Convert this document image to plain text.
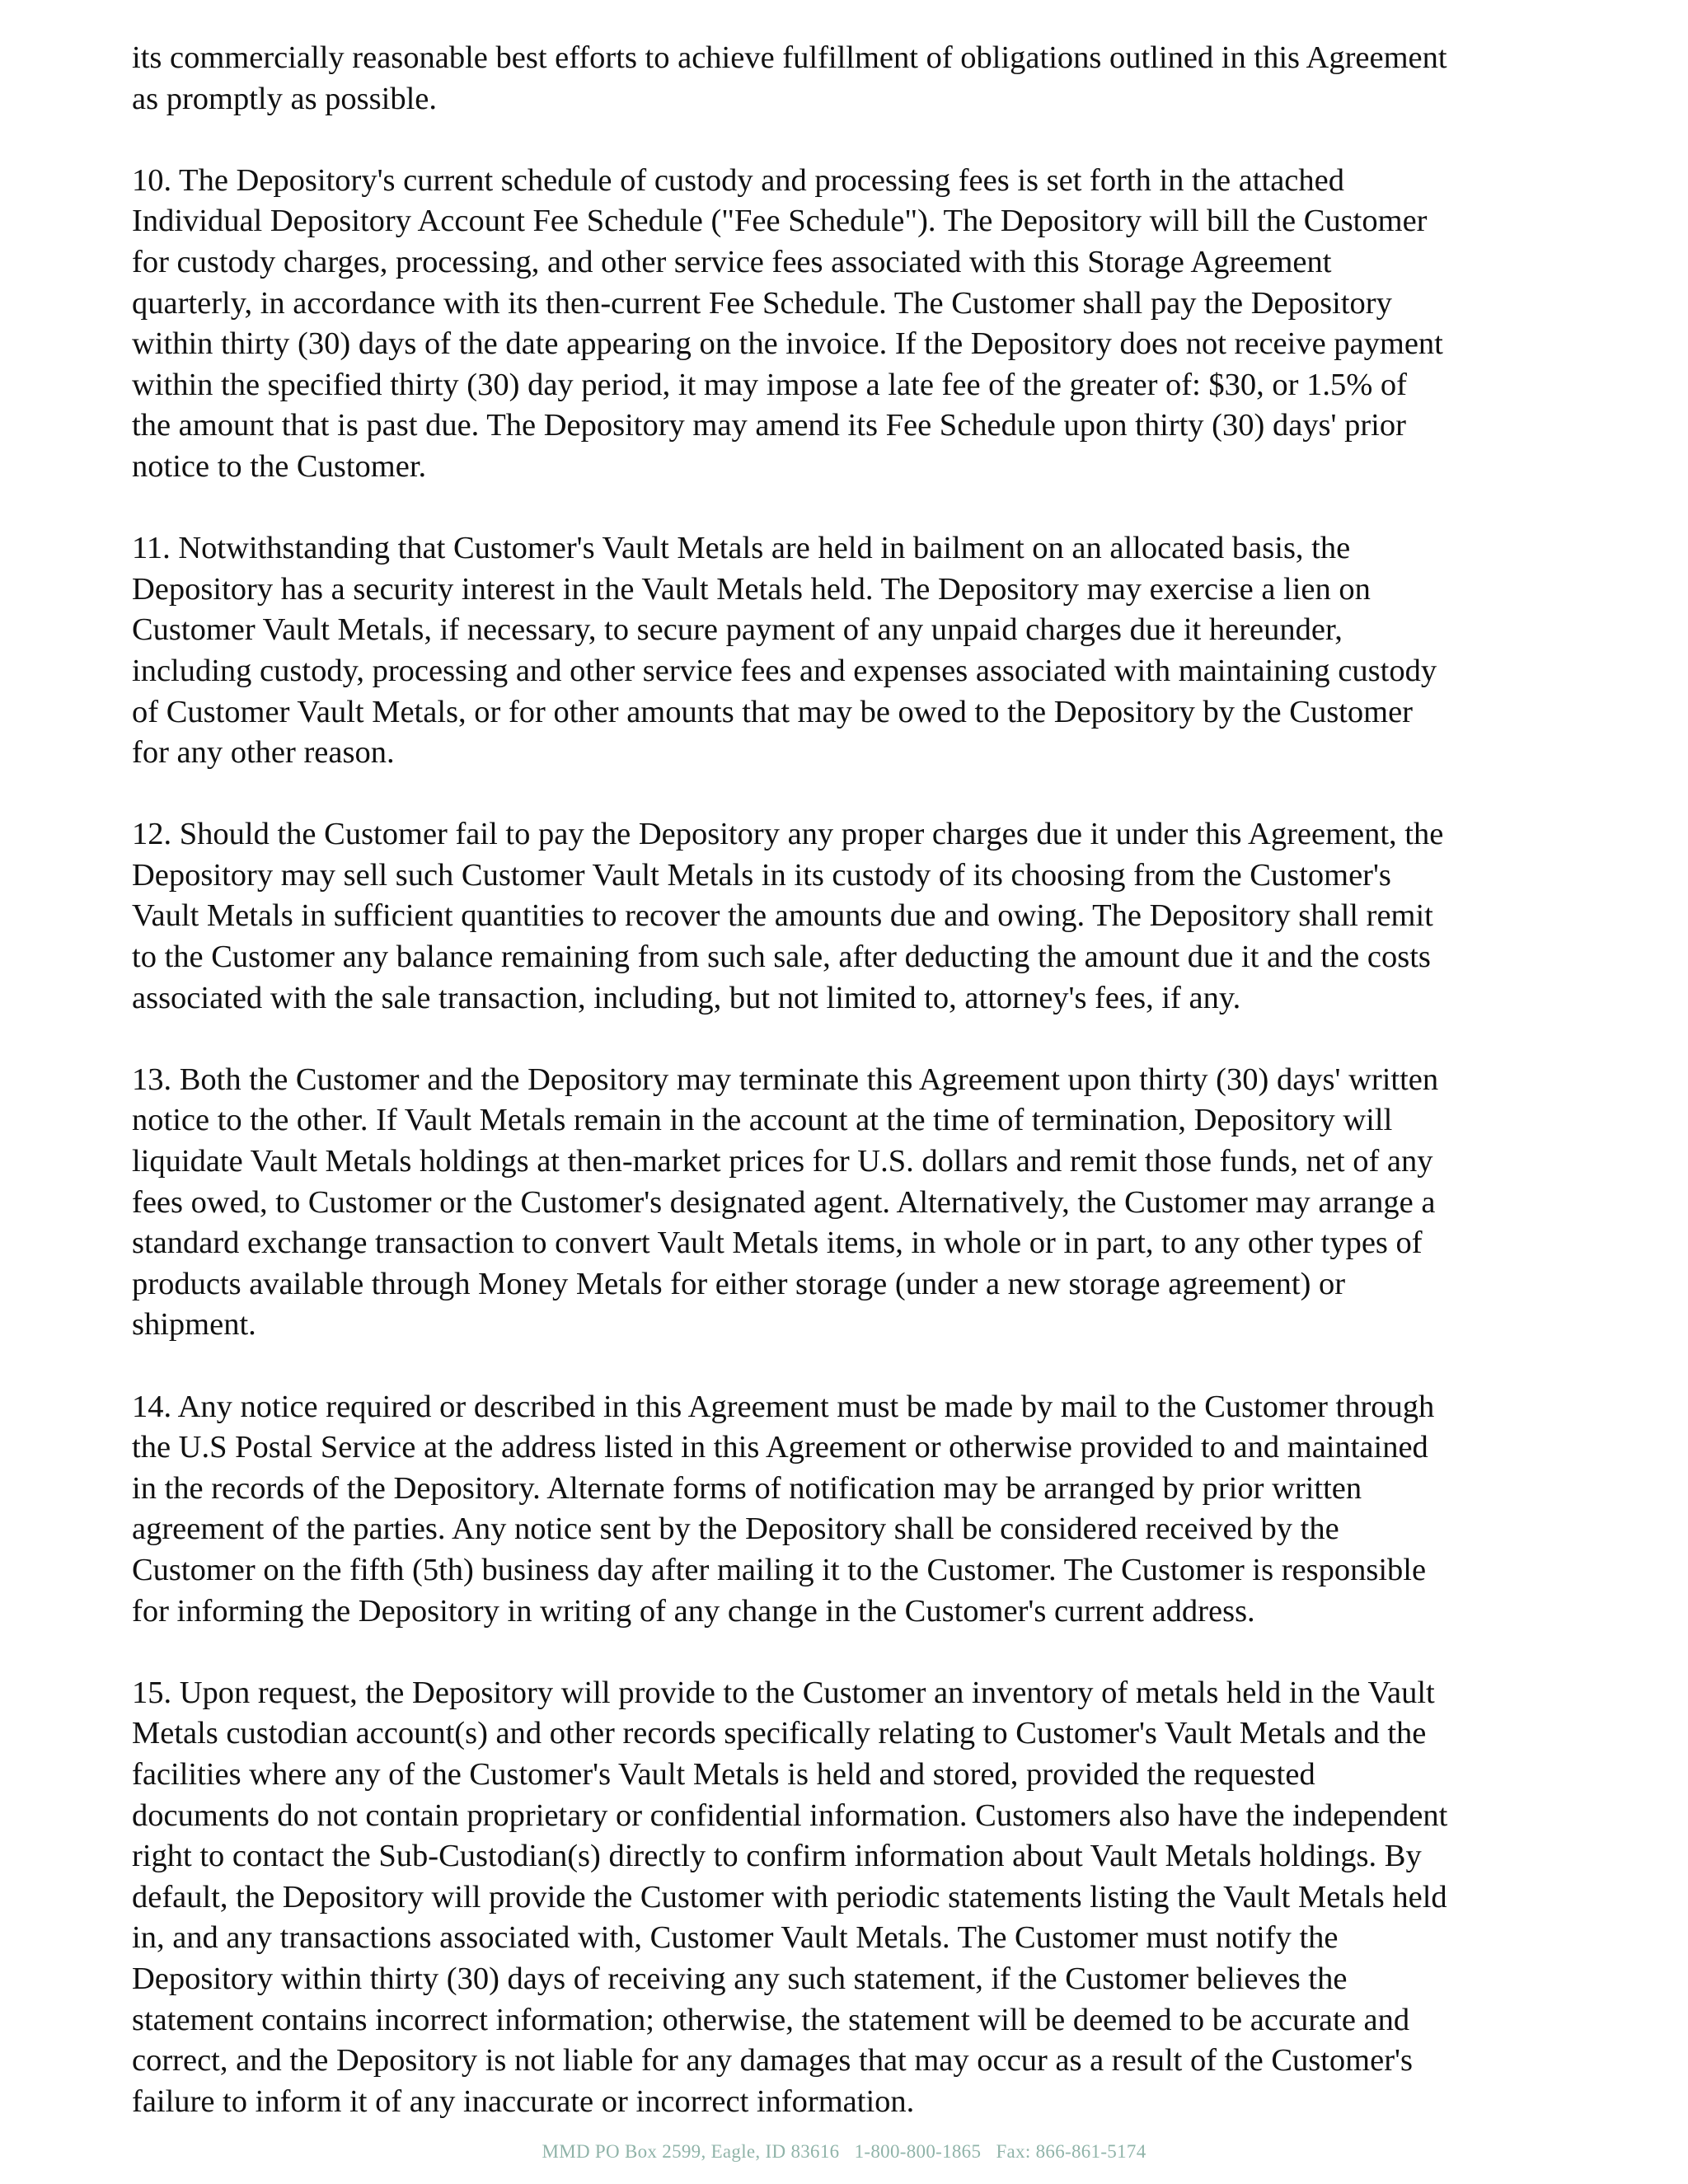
its commercially reasonable best efforts to achieve fulfillment of obligations outlined in this Agreement
as promptly as possible.

10. The Depository's current schedule of custody and processing fees is set forth in the attached
Individual Depository Account Fee Schedule ("Fee Schedule"). The Depository will bill the Customer
for custody charges, processing, and other service fees associated with this Storage Agreement
quarterly, in accordance with its then-current Fee Schedule. The Customer shall pay the Depository
within thirty (30) days of the date appearing on the invoice. If the Depository does not receive payment
within the specified thirty (30) day period, it may impose a late fee of the greater of: $30, or 1.5% of
the amount that is past due. The Depository may amend its Fee Schedule upon thirty (30) days' prior
notice to the Customer.

11. Notwithstanding that Customer's Vault Metals are held in bailment on an allocated basis, the
Depository has a security interest in the Vault Metals held. The Depository may exercise a lien on
Customer Vault Metals, if necessary, to secure payment of any unpaid charges due it hereunder,
including custody, processing and other service fees and expenses associated with maintaining custody
of Customer Vault Metals, or for other amounts that may be owed to the Depository by the Customer
for any other reason.

12. Should the Customer fail to pay the Depository any proper charges due it under this Agreement, the
Depository may sell such Customer Vault Metals in its custody of its choosing from the Customer's
Vault Metals in sufficient quantities to recover the amounts due and owing. The Depository shall remit
to the Customer any balance remaining from such sale, after deducting the amount due it and the costs
associated with the sale transaction, including, but not limited to, attorney's fees, if any.

13. Both the Customer and the Depository may terminate this Agreement upon thirty (30) days' written
notice to the other. If Vault Metals remain in the account at the time of termination, Depository will
liquidate Vault Metals holdings at then-market prices for U.S. dollars and remit those funds, net of any
fees owed, to Customer or the Customer's designated agent. Alternatively, the Customer may arrange a
standard exchange transaction to convert Vault Metals items, in whole or in part, to any other types of
products available through Money Metals for either storage (under a new storage agreement) or
shipment.

14. Any notice required or described in this Agreement must be made by mail to the Customer through
the U.S Postal Service at the address listed in this Agreement or otherwise provided to and maintained
in the records of the Depository. Alternate forms of notification may be arranged by prior written
agreement of the parties. Any notice sent by the Depository shall be considered received by the
Customer on the fifth (5th) business day after mailing it to the Customer. The Customer is responsible
for informing the Depository in writing of any change in the Customer's current address.

15. Upon request, the Depository will provide to the Customer an inventory of metals held in the Vault
Metals custodian account(s) and other records specifically relating to Customer's Vault Metals and the
facilities where any of the Customer's Vault Metals is held and stored, provided the requested
documents do not contain proprietary or confidential information. Customers also have the independent
right to contact the Sub-Custodian(s) directly to confirm information about Vault Metals holdings. By
default, the Depository will provide the Customer with periodic statements listing the Vault Metals held
in, and any transactions associated with, Customer Vault Metals. The Customer must notify the
Depository within thirty (30) days of receiving any such statement, if the Customer believes the
statement contains incorrect information; otherwise, the statement will be deemed to be accurate and
correct, and the Depository is not liable for any damages that may occur as a result of the Customer's
failure to inform it of any inaccurate or incorrect information.

MMD PO Box 2599, Eagle, ID 83616 1-800-800-1865 Fax: 866-861-5174
